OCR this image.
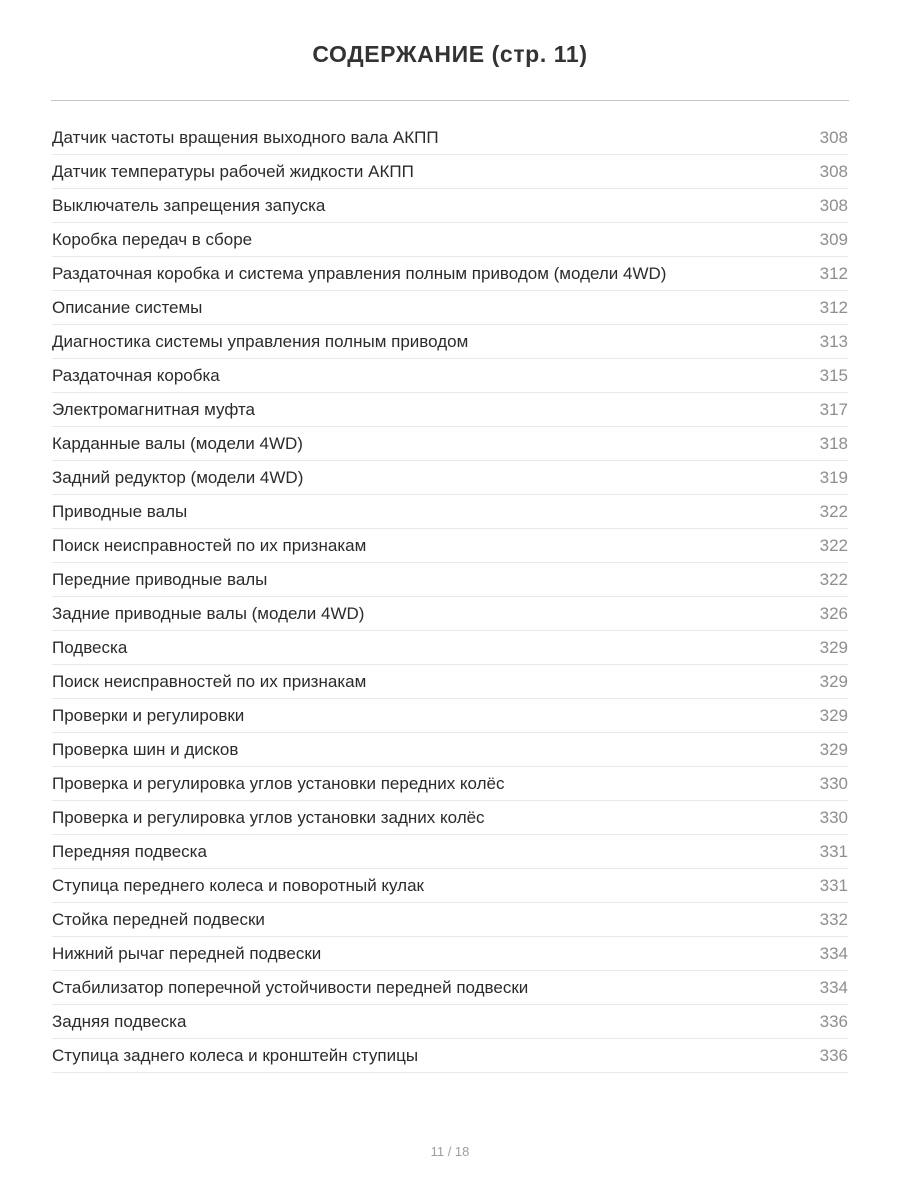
СОДЕРЖАНИЕ (стр. 11)
Датчик частоты вращения выходного вала АКПП	308
Датчик температуры рабочей жидкости АКПП	308
Выключатель запрещения запуска	308
Коробка передач в сборе	309
Раздаточная коробка и система управления полным приводом (модели 4WD)	312
Описание системы	312
Диагностика системы управления полным приводом	313
Раздаточная коробка	315
Электромагнитная муфта	317
Карданные валы (модели 4WD)	318
Задний редуктор (модели 4WD)	319
Приводные валы	322
Поиск неисправностей по их признакам	322
Передние приводные валы	322
Задние приводные валы (модели 4WD)	326
Подвеска	329
Поиск неисправностей по их признакам	329
Проверки и регулировки	329
Проверка шин и дисков	329
Проверка и регулировка углов установки передних колёс	330
Проверка и регулировка углов установки задних колёс	330
Передняя подвеска	331
Ступица переднего колеса и поворотный кулак	331
Стойка передней подвески	332
Нижний рычаг передней подвески	334
Стабилизатор поперечной устойчивости передней подвески	334
Задняя подвеска	336
Ступица заднего колеса и кронштейн ступицы	336
11 / 18
